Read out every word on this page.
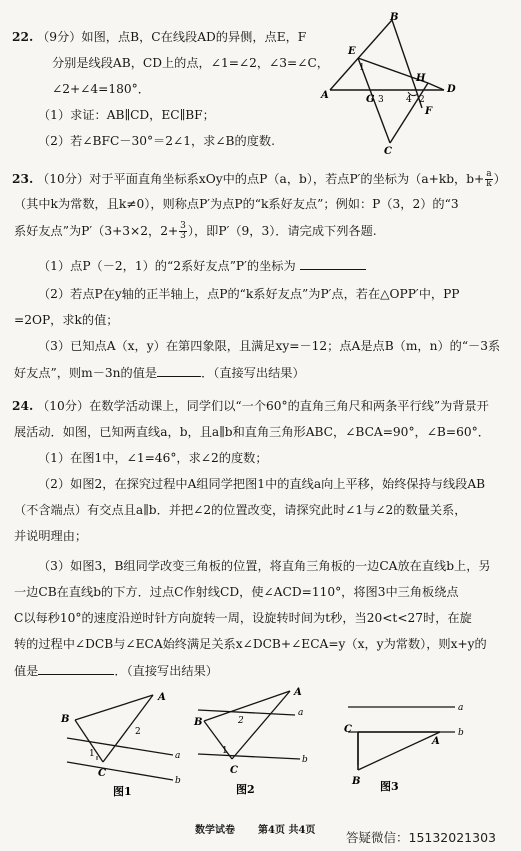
22. （9分）如图，点B，C在线段AD的异侧，点E，F
分别是线段AB，CD上的点，∠1=∠2，∠3=∠C，
∠2+∠4=180°．
（1）求证：AB∥CD，EC∥BF；
（2）若∠BFC－30°＝2∠1，求∠B的度数.
B
E
1
H
D
A	G 3 4 2
F
C
23. （10分）对于平面直角坐标系xOy中的点P（a，b），若点P′的坐标为（a+kb，$b+ \frac{a}{k}$ ）
（其中k为常数，且k≠0），则称点P′为点P的“k系好友点”；例如：P（3，2）的“3
系好友点”为P′（3+3×2，$2+ \frac{3}{3}$ ），即P′（9，3）．请完成下列各题.
（1）点P（－2，1）的“2系好友点”P′的坐标为
（2）若点P在y轴的正半轴上，点P的“k系好友点”为P′点，若在△OPP′中，PP
=2OP，求k的值；
（3）已知点A（x，y）在第四象限，且满足xy=－12；点A是点B（m，n）的“－3系
好友点”，则m－3n的值是	．（直接写出结果）
24. （10分）在数学活动课上，同学们以“一个60°的直角三角尺和两条平行线”为背景开
展活动．如图，已知两直线a，b，且a∥b和直角三角形ABC，∠BCA=90°，∠B=60°．
（1）在图1中，∠1=46°，求∠2的度数；
（2）如图2，在探究过程中A组同学把图1中的直线a向上平移，始终保持与线段AB
（不含端点）有交点且a∥b．并把∠2的位置改变，请探究此时∠1与∠2的数量关系，
并说明理由；
（3）如图3，B组同学改变三角板的位置，将直角三角板的一边CA放在直线b上，另
一边CB在直线b的下方．过点C作射线CD，使∠ACD=110°，将图3中三角板绕点
C以每秒10°的速度沿逆时针方向旋转一周，设旋转时间为t秒，当20<t<27时，在旋
转的过程中∠DCB与∠ECA始终满足关系x∠DCB+∠ECA=y（x，y为常数），则x+y的
值是	．（直接写出结果）
A
B
C
1
2
a
b
图1
A
B
C
1
2
a
b
图2
a
b
A
B
C
图3
数学试卷 第4页 共4页 答疑微信：15132021303
